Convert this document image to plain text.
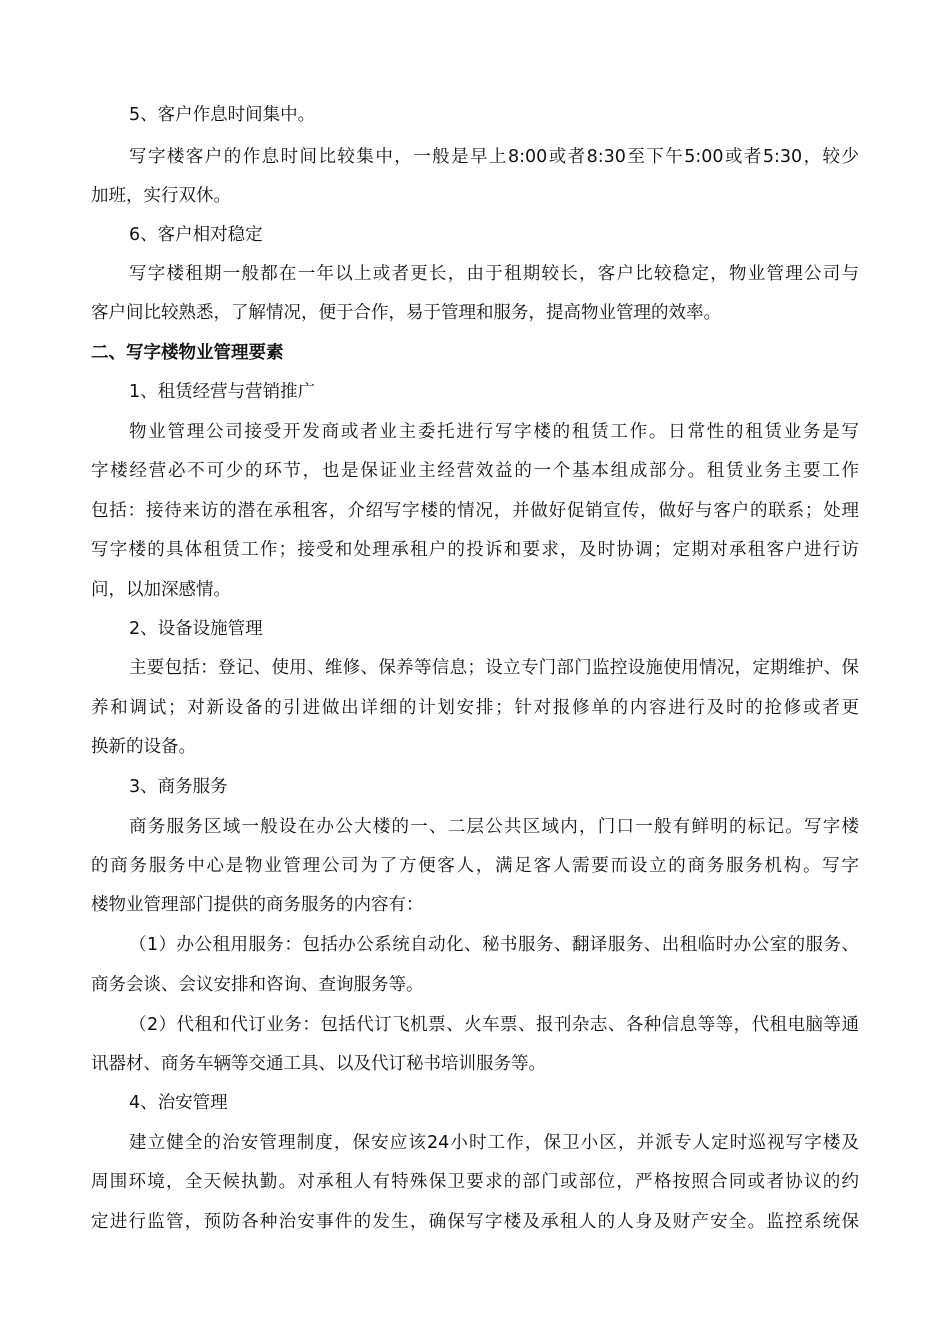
5、客户作息时间集中。
写字楼客户的作息时间比较集中，一般是早上8:00或者8:30至下午5:00或者5:30，较少
加班，实行双休。
6、客户相对稳定
写字楼租期一般都在一年以上或者更长，由于租期较长，客户比较稳定，物业管理公司与
客户间比较熟悉，了解情况，便于合作，易于管理和服务，提高物业管理的效率。
二、写字楼物业管理要素
1、租赁经营与营销推广
物业管理公司接受开发商或者业主委托进行写字楼的租赁工作。日常性的租赁业务是写
字楼经营必不可少的环节，也是保证业主经营效益的一个基本组成部分。租赁业务主要工作
包括：接待来访的潜在承租客，介绍写字楼的情况，并做好促销宣传，做好与客户的联系；处理
写字楼的具体租赁工作；接受和处理承租户的投诉和要求，及时协调；定期对承租客户进行访
问，以加深感情。
2、设备设施管理
主要包括：登记、使用、维修、保养等信息；设立专门部门监控设施使用情况，定期维护、保
养和调试；对新设备的引进做出详细的计划安排；针对报修单的内容进行及时的抢修或者更
换新的设备。
3、商务服务
商务服务区域一般设在办公大楼的一、二层公共区域内，门口一般有鲜明的标记。写字楼
的商务服务中心是物业管理公司为了方便客人，满足客人需要而设立的商务服务机构。写字
楼物业管理部门提供的商务服务的内容有：
（1）办公租用服务：包括办公系统自动化、秘书服务、翻译服务、出租临时办公室的服务、
商务会谈、会议安排和咨询、查询服务等。
（2）代租和代订业务：包括代订飞机票、火车票、报刊杂志、各种信息等等，代租电脑等通
讯器材、商务车辆等交通工具、以及代订秘书培训服务等。
4、治安管理
建立健全的治安管理制度，保安应该24小时工作，保卫小区，并派专人定时巡视写字楼及
周围环境，全天候执勤。对承租人有特殊保卫要求的部门或部位，严格按照合同或者协议的约
定进行监管，预防各种治安事件的发生，确保写字楼及承租人的人身及财产安全。监控系统保
